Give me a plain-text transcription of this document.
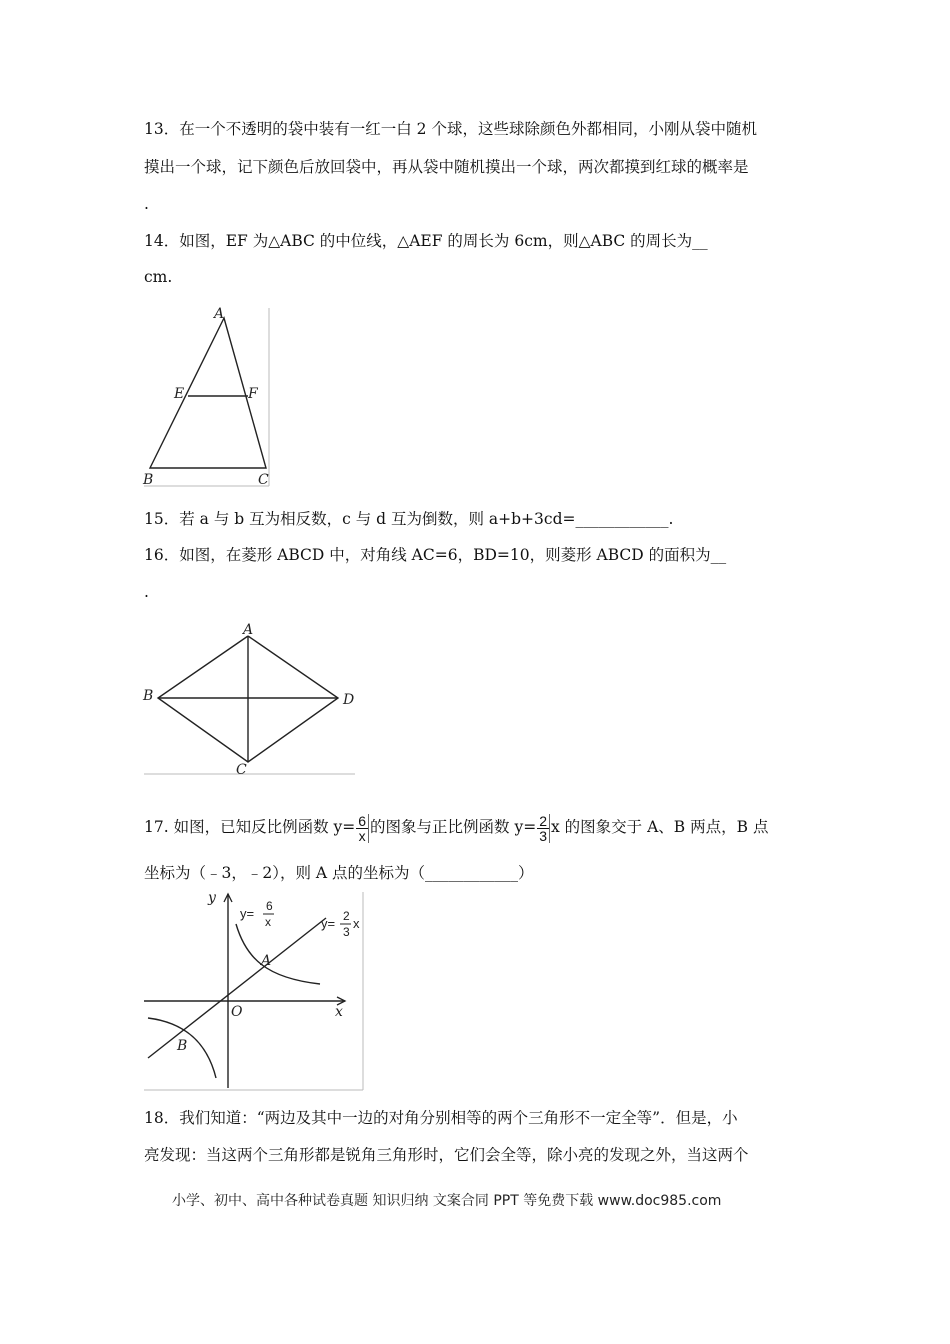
13．在一个不透明的袋中装有一红一白 2 个球，这些球除颜色外都相同，小刚从袋中随机
摸出一个球，记下颜色后放回袋中，再从袋中随机摸出一个球，两次都摸到红球的概率是
.
14．如图，EF 为△ABC 的中位线，△AEF 的周长为 6cm，则△ABC 的周长为__
cm.
A
E	F
B	C
15．若 a 与 b 互为相反数，c 与 d 互为倒数，则 a+b+3cd=____________.
16．如图，在菱形 ABCD 中，对角线 AC=6，BD=10，则菱形 ABCD 的面积为__
.
A
B
C
D
17. 如图，已知反比例函数 $y= \frac{6}{x}$ 的图象与正比例函数 $y= \frac{2}{3}$ x 的图象交于 A、B 两点，B 点
坐标为（﹣3，﹣2），则 A 点的坐标为（____________）
y
x
O
A
B
y= 6
x	y= 2
3
x
18．我们知道：“两边及其中一边的对角分别相等的两个三角形不一定全等”．但是，小
亮发现：当这两个三角形都是锐角三角形时，它们会全等，除小亮的发现之外，当这两个
小学、初中、高中各种试卷真题 知识归纳 文案合同 PPT 等免费下载 www.doc985.com
